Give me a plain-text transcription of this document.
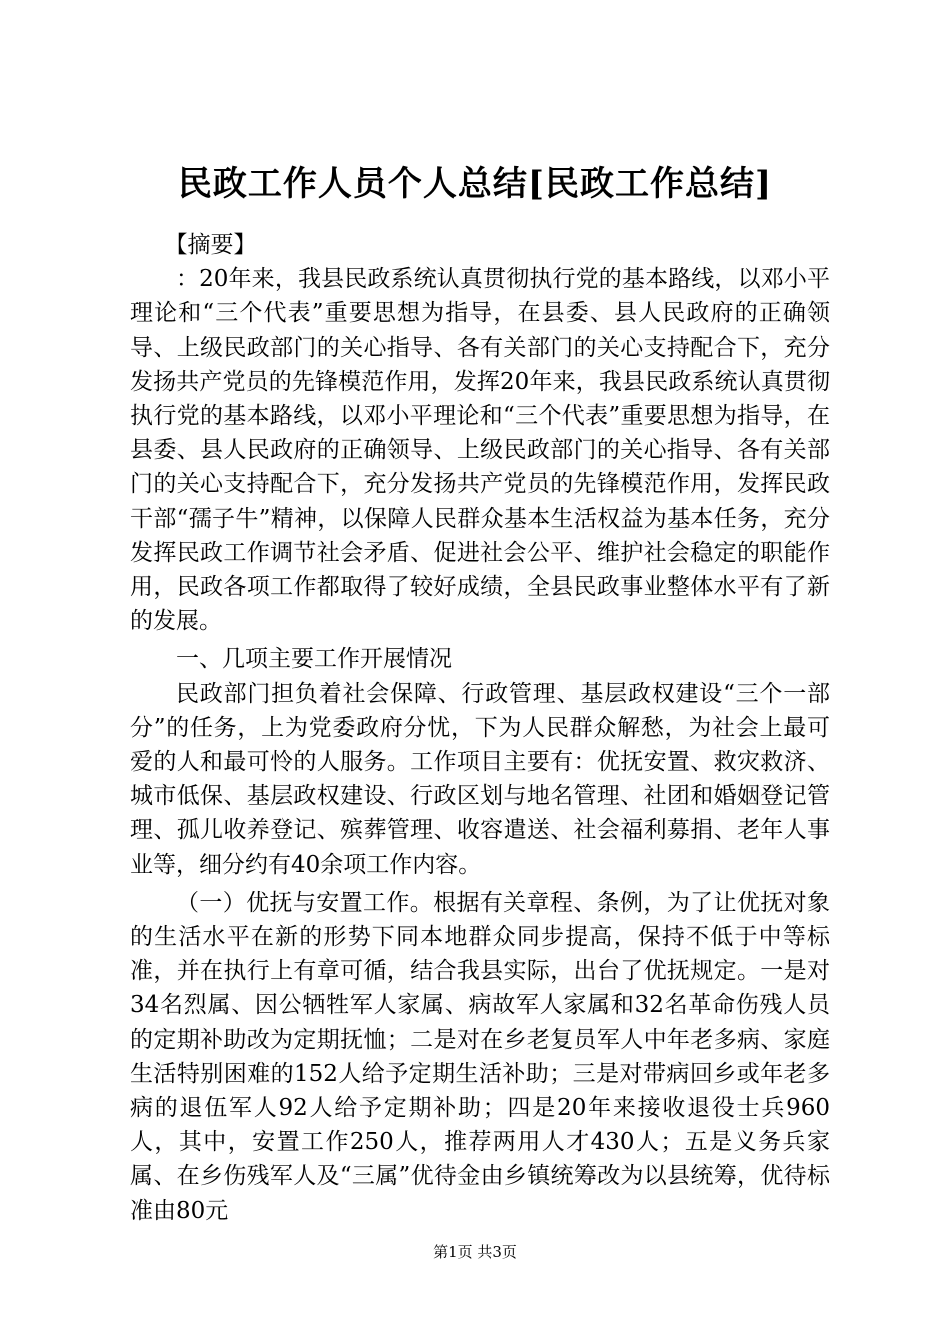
民政工作人员个人总结[民政工作总结]

【摘要】

：20年来，我县民政系统认真贯彻执行党的基本路线，以邓小平理论和“三个代表”重要思想为指导，在县委、县人民政府的正确领导、上级民政部门的关心指导、各有关部门的关心支持配合下，充分发扬共产党员的先锋模范作用，发挥20年来，我县民政系统认真贯彻执行党的基本路线，以邓小平理论和“三个代表”重要思想为指导，在县委、县人民政府的正确领导、上级民政部门的关心指导、各有关部门的关心支持配合下，充分发扬共产党员的先锋模范作用，发挥民政干部“孺子牛”精神，以保障人民群众基本生活权益为基本任务，充分发挥民政工作调节社会矛盾、促进社会公平、维护社会稳定的职能作用，民政各项工作都取得了较好成绩，全县民政事业整体水平有了新的发展。

一、几项主要工作开展情况

民政部门担负着社会保障、行政管理、基层政权建设“三个一部分”的任务，上为党委政府分忧，下为人民群众解愁，为社会上最可爱的人和最可怜的人服务。工作项目主要有：优抚安置、救灾救济、城市低保、基层政权建设、行政区划与地名管理、社团和婚姻登记管理、孤儿收养登记、殡葬管理、收容遣送、社会福利募捐、老年人事业等，细分约有40余项工作内容。

（一）优抚与安置工作。根据有关章程、条例，为了让优抚对象的生活水平在新的形势下同本地群众同步提高，保持不低于中等标准，并在执行上有章可循，结合我县实际，出台了优抚规定。一是对34名烈属、因公牺牲军人家属、病故军人家属和32名革命伤残人员的定期补助改为定期抚恤；二是对在乡老复员军人中年老多病、家庭生活特别困难的152人给予定期生活补助；三是对带病回乡或年老多病的退伍军人92人给予定期补助；四是20年来接收退役士兵960人，其中，安置工作250人，推荐两用人才430人；五是义务兵家属、在乡伤残军人及“三属”优待金由乡镇统筹改为以县统筹，优待标准由80元

第1页 共3页
